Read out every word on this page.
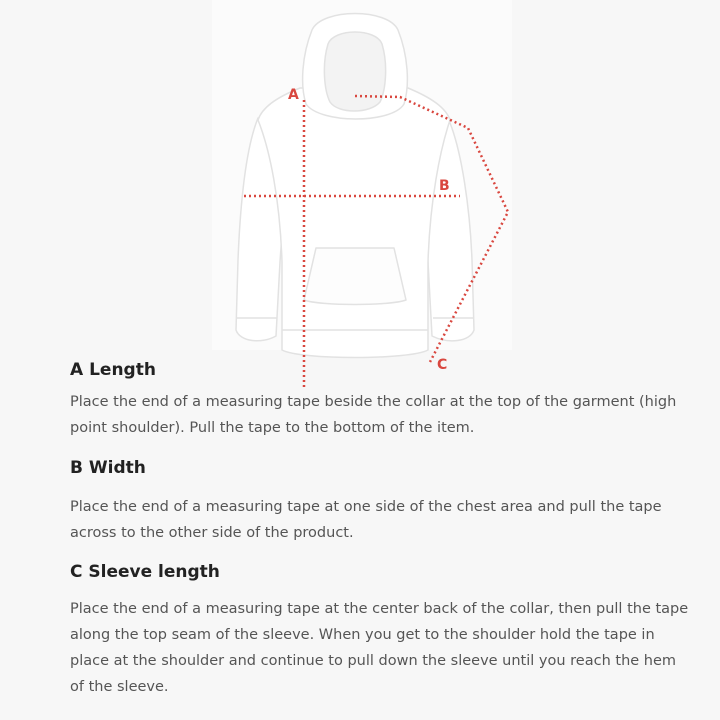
A
B
C
A Length

Place the end of a measuring tape beside the collar at the top of the garment (high point shoulder). Pull the tape to the bottom of the item.

B Width

Place the end of a measuring tape at one side of the chest area and pull the tape across to the other side of the product.

C Sleeve length

Place the end of a measuring tape at the center back of the collar, then pull the tape along the top seam of the sleeve. When you get to the shoulder hold the tape in place at the shoulder and continue to pull down the sleeve until you reach the hem of the sleeve.
